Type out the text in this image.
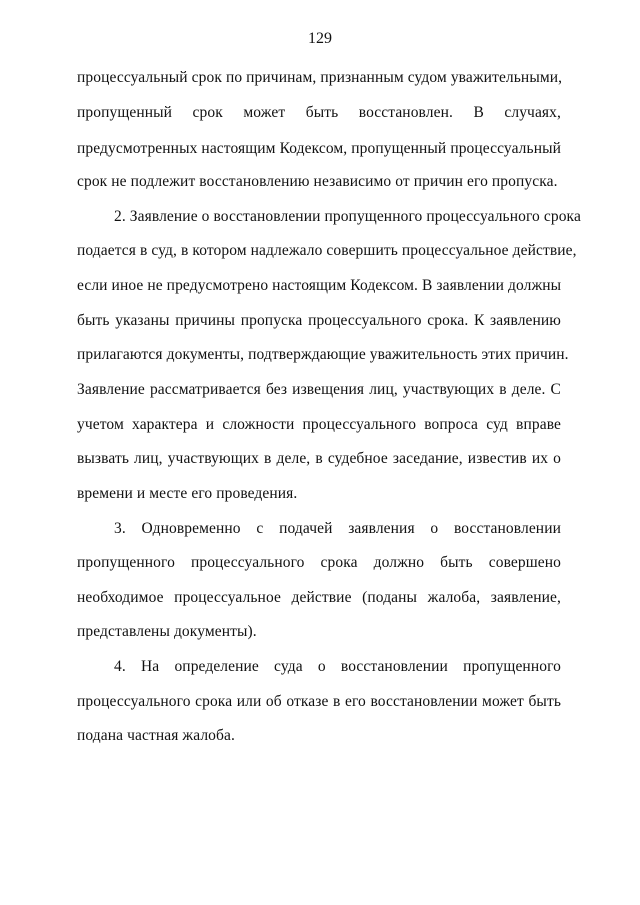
129
процессуальный срок по причинам, признанным судом уважительными,
пропущенный срок может быть восстановлен. В случаях,
предусмотренных настоящим Кодексом, пропущенный процессуальный
срок не подлежит восстановлению независимо от причин его пропуска.
2. Заявление о восстановлении пропущенного процессуального срока
подается в суд, в котором надлежало совершить процессуальное действие,
если иное не предусмотрено настоящим Кодексом. В заявлении должны
быть указаны причины пропуска процессуального срока. К заявлению
прилагаются документы, подтверждающие уважительность этих причин.
Заявление рассматривается без извещения лиц, участвующих в деле. С
учетом характера и сложности процессуального вопроса суд вправе
вызвать лиц, участвующих в деле, в судебное заседание, известив их о
времени и месте его проведения.
3. Одновременно с подачей заявления о восстановлении
пропущенного процессуального срока должно быть совершено
необходимое процессуальное действие (поданы жалоба, заявление,
представлены документы).
4. На определение суда о восстановлении пропущенного
процессуального срока или об отказе в его восстановлении может быть
подана частная жалоба.
